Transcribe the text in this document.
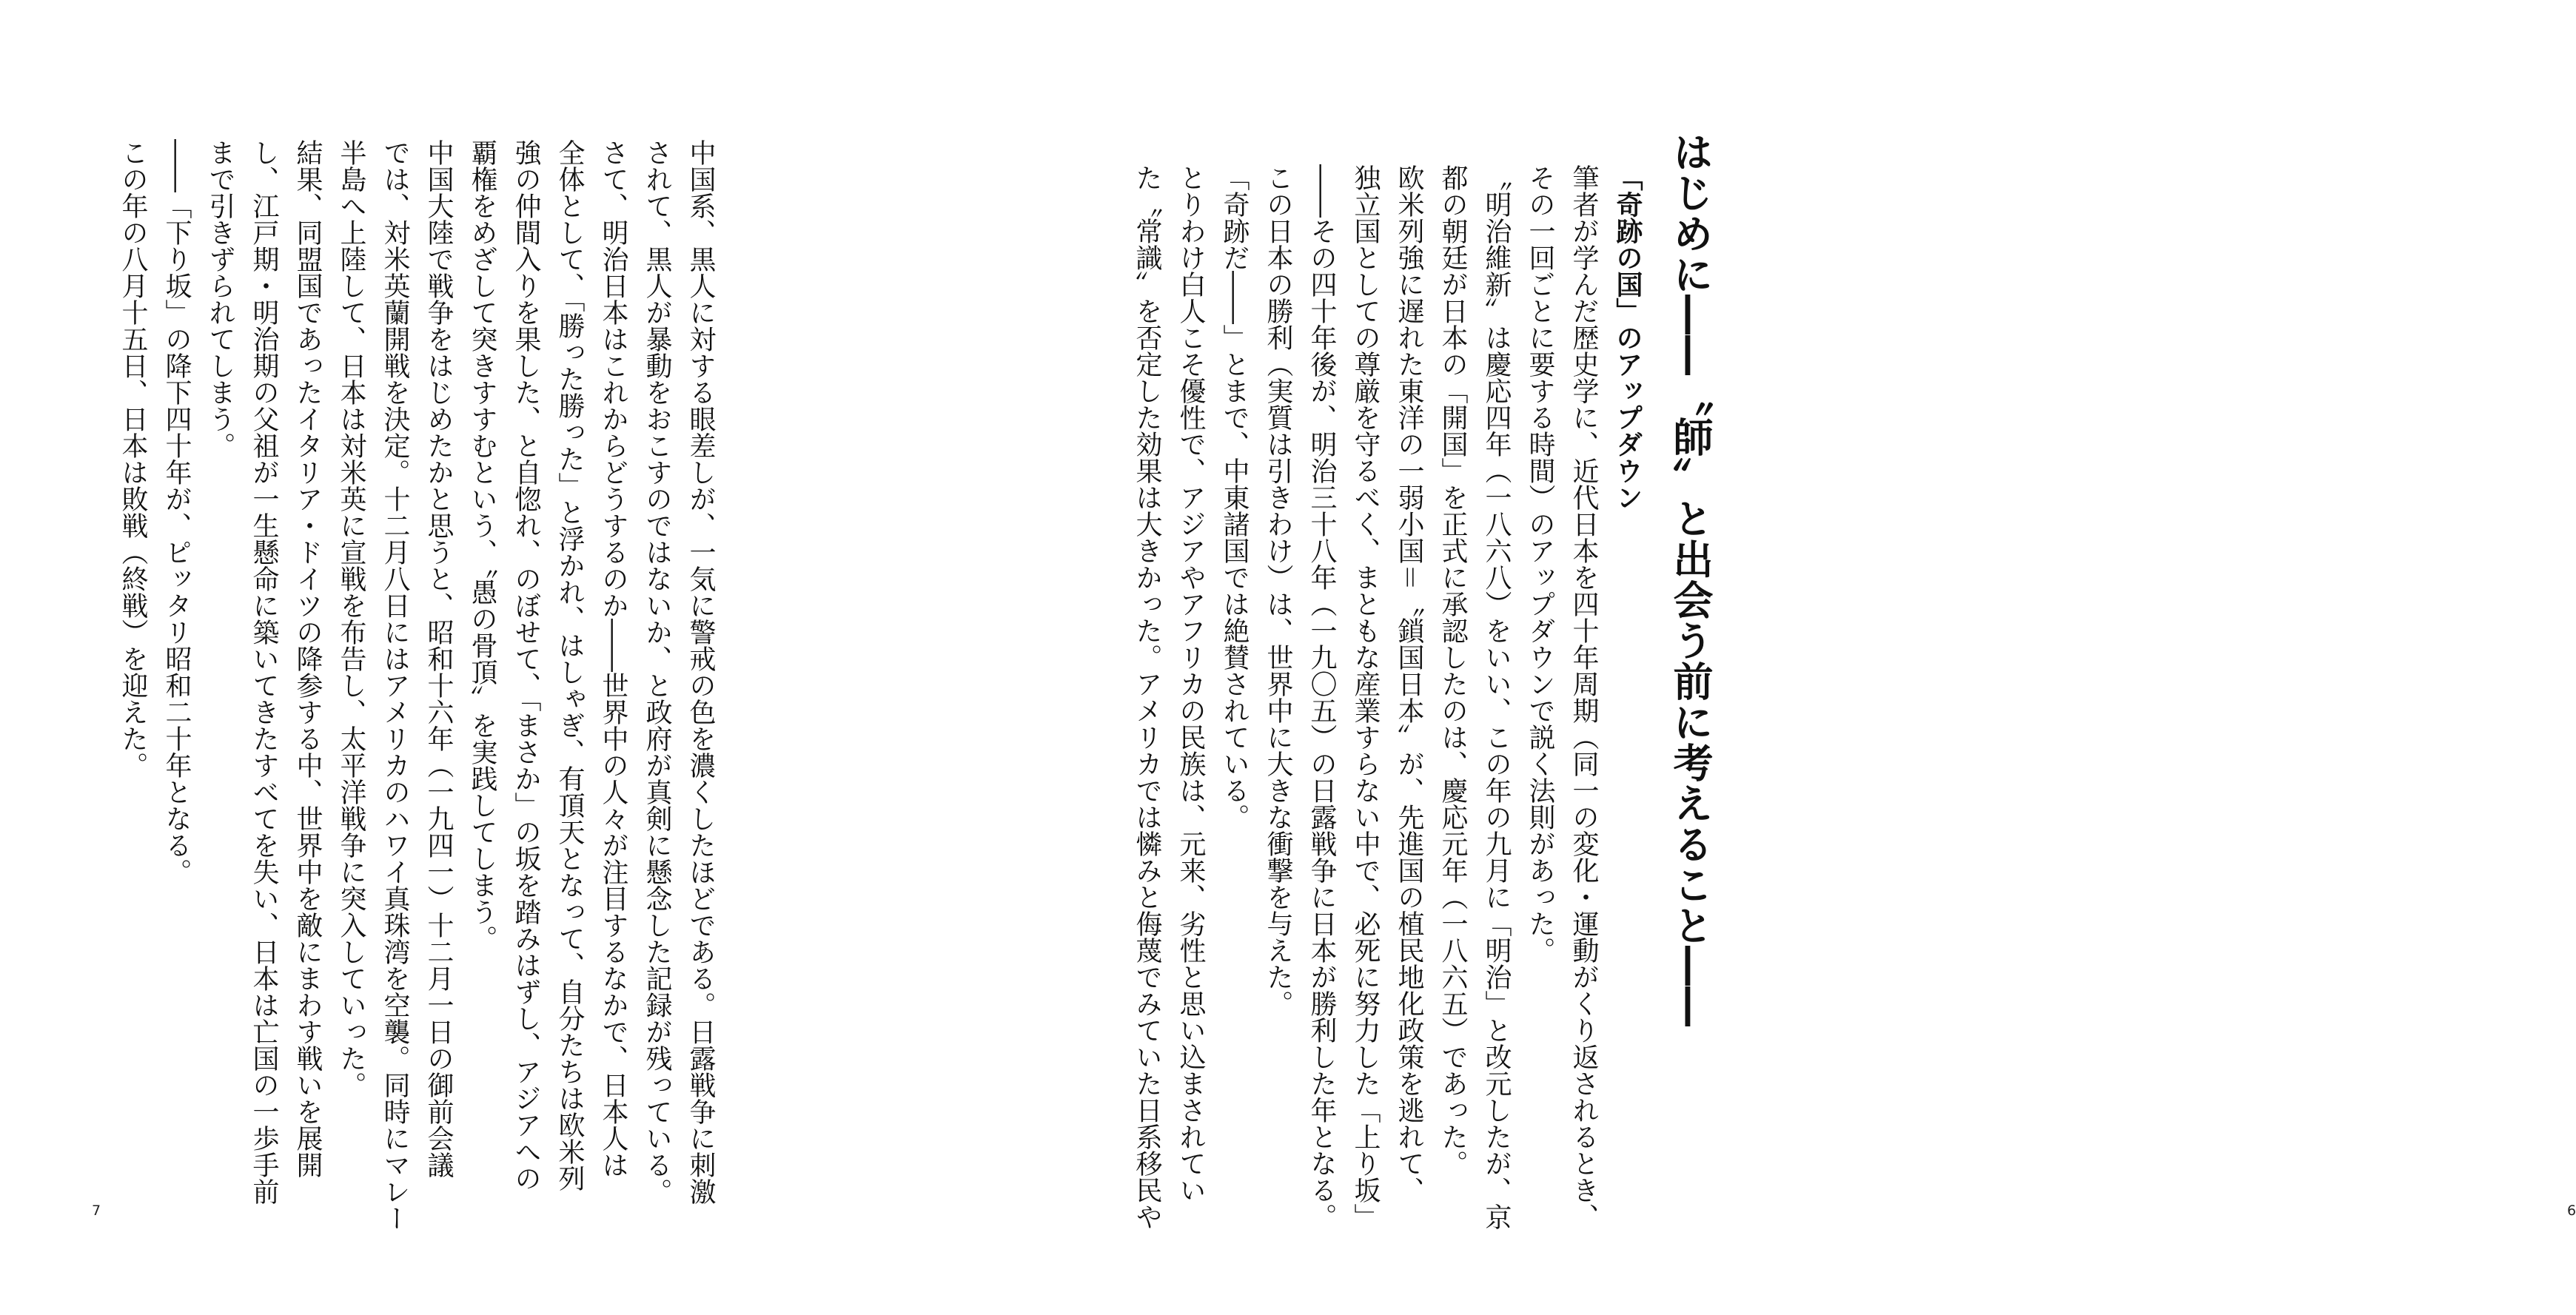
中国系、黒人に対する眼差しが、一気に警戒の色を濃くしたほどである。日露戦争に刺激
されて、黒人が暴動をおこすのではないか、と政府が真剣に懸念した記録が残っている。
さて、明治日本はこれからどうするのか――世界中の人々が注目するなかで、日本人は
全体として、「勝った勝った」と浮かれ、はしゃぎ、有頂天となって、自分たちは欧米列
強の仲間入りを果した、と自惚れ、のぼせて、「まさか」の坂を踏みはずし、アジアへの
覇権をめざして突きすすむという、〝愚の骨頂〟を実践してしまう。
中国大陸で戦争をはじめたかと思うと、昭和十六年（一九四一）十二月一日の御前会議
では、対米英蘭開戦を決定。十二月八日にはアメリカのハワイ真珠湾を空襲。同時にマレー
半島へ上陸して、日本は対米英に宣戦を布告し、太平洋戦争に突入していった。
結果、同盟国であったイタリア・ドイツの降参する中、世界中を敵にまわす戦いを展開
し、江戸期・明治期の父祖が一生懸命に築いてきたすべてを失い、日本は亡国の一歩手前
まで引きずられてしまう。
――「下り坂」の降下四十年が、ピッタリ昭和二十年となる。
この年の八月十五日、日本は敗戦（終戦）を迎えた。
7
はじめに――〝師〟と出会う前に考えること――
「奇跡の国」のアップダウン
筆者が学んだ歴史学に、近代日本を四十年周期（同一の変化・運動がくり返されるとき、
その一回ごとに要する時間）のアップダウンで説く法則があった。
〝明治維新〟は慶応四年（一八六八）をいい、この年の九月に「明治」と改元したが、京
都の朝廷が日本の「開国」を正式に承認したのは、慶応元年（一八六五）であった。
欧米列強に遅れた東洋の一弱小国＝〝鎖国日本〟が、先進国の植民地化政策を逃れて、
独立国としての尊厳を守るべく、まともな産業すらない中で、必死に努力した「上り坂」
――その四十年後が、明治三十八年（一九〇五）の日露戦争に日本が勝利した年となる。
この日本の勝利（実質は引きわけ）は、世界中に大きな衝撃を与えた。
「奇跡だ――」とまで、中東諸国では絶賛されている。
とりわけ白人こそ優性で、アジアやアフリカの民族は、元来、劣性と思い込まされてい
た〝常識〟を否定した効果は大きかった。アメリカでは憐みと侮蔑でみていた日系移民や	6
